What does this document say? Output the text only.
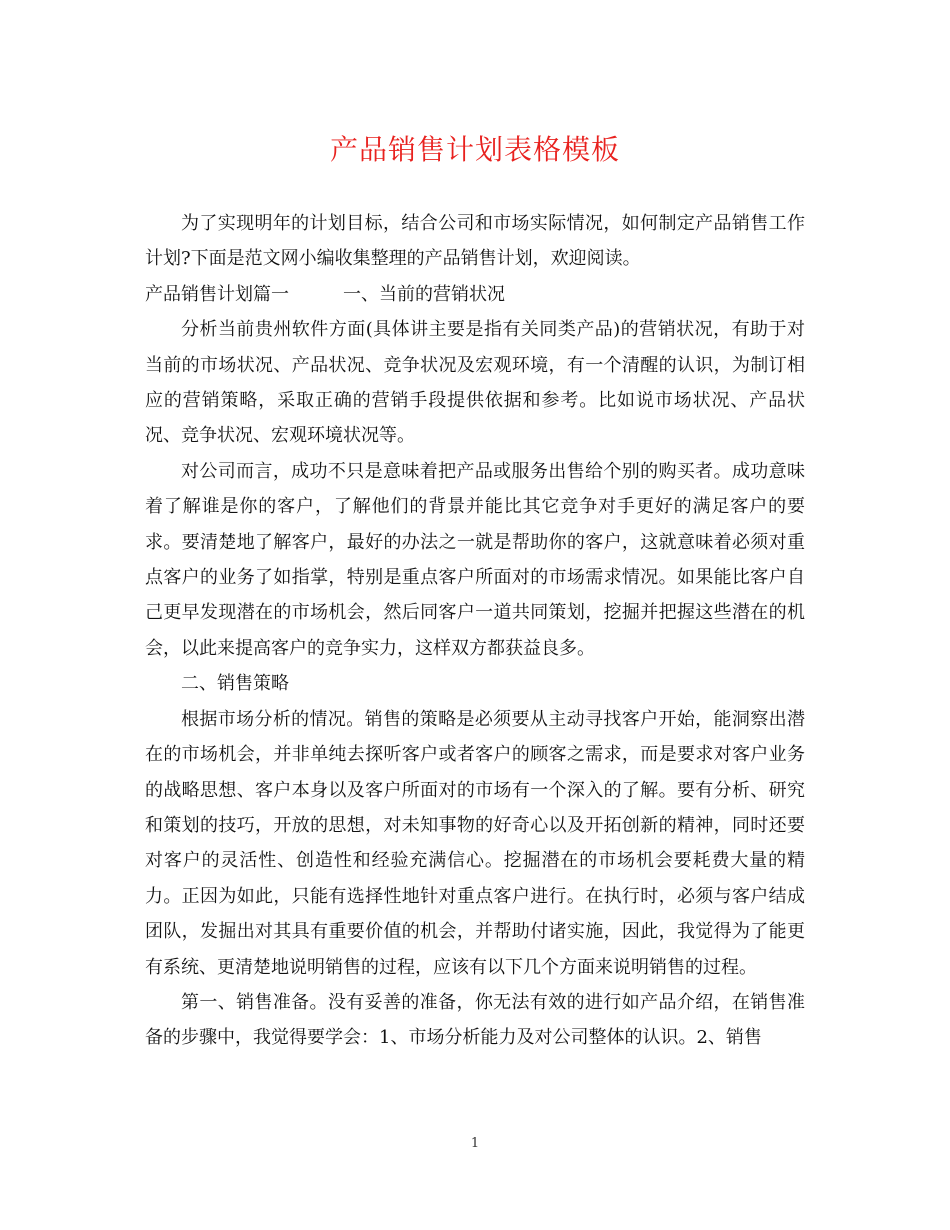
产品销售计划表格模板

为了实现明年的计划目标，结合公司和市场实际情况，如何制定产品销售工作计划?下面是范文网小编收集整理的产品销售计划，欢迎阅读。

产品销售计划篇一　　　一、当前的营销状况

分析当前贵州软件方面(具体讲主要是指有关同类产品)的营销状况，有助于对当前的市场状况、产品状况、竞争状况及宏观环境，有一个清醒的认识，为制订相应的营销策略，采取正确的营销手段提供依据和参考。比如说市场状况、产品状况、竞争状况、宏观环境状况等。

对公司而言，成功不只是意味着把产品或服务出售给个别的购买者。成功意味着了解谁是你的客户，了解他们的背景并能比其它竞争对手更好的满足客户的要求。要清楚地了解客户，最好的办法之一就是帮助你的客户，这就意味着必须对重点客户的业务了如指掌，特别是重点客户所面对的市场需求情况。如果能比客户自己更早发现潜在的市场机会，然后同客户一道共同策划，挖掘并把握这些潜在的机会，以此来提高客户的竞争实力，这样双方都获益良多。

二、销售策略

根据市场分析的情况。销售的策略是必须要从主动寻找客户开始，能洞察出潜在的市场机会，并非单纯去探听客户或者客户的顾客之需求，而是要求对客户业务的战略思想、客户本身以及客户所面对的市场有一个深入的了解。要有分析、研究和策划的技巧，开放的思想，对未知事物的好奇心以及开拓创新的精神，同时还要对客户的灵活性、创造性和经验充满信心。挖掘潜在的市场机会要耗费大量的精力。正因为如此，只能有选择性地针对重点客户进行。在执行时，必须与客户结成团队，发掘出对其具有重要价值的机会，并帮助付诸实施，因此，我觉得为了能更有系统、更清楚地说明销售的过程，应该有以下几个方面来说明销售的过程。

第一、销售准备。没有妥善的准备，你无法有效的进行如产品介绍，在销售准备的步骤中，我觉得要学会：1、市场分析能力及对公司整体的认识。2、销售

1
